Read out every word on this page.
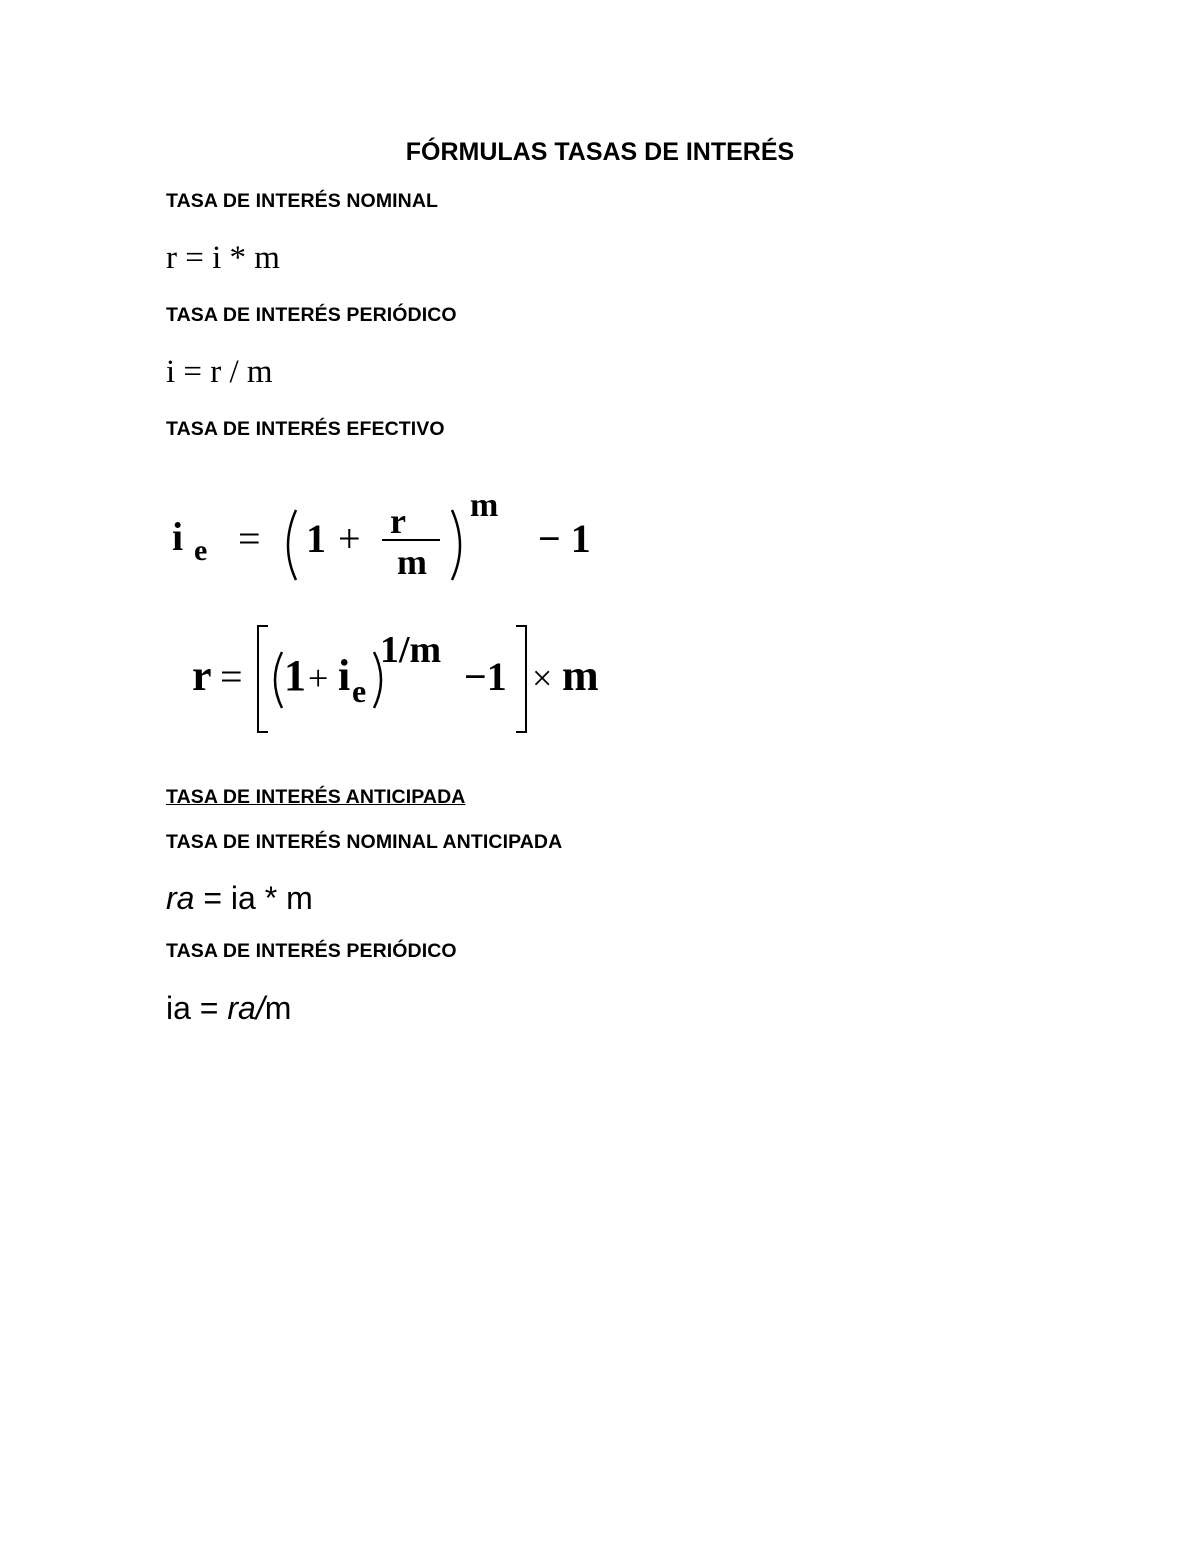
FÓRMULAS TASAS DE INTERÉS
TASA DE INTERÉS NOMINAL
r = i * m
TASA DE INTERÉS PERIÓDICO
i = r / m
TASA DE INTERÉS EFECTIVO
i e = 1 + r
m
m
− 1
r = 1 + i e
1/m
−1 × m
TASA DE INTERÉS ANTICIPADA
TASA DE INTERÉS NOMINAL ANTICIPADA
ra = ia * m
TASA DE INTERÉS PERIÓDICO
ia = ra/m
